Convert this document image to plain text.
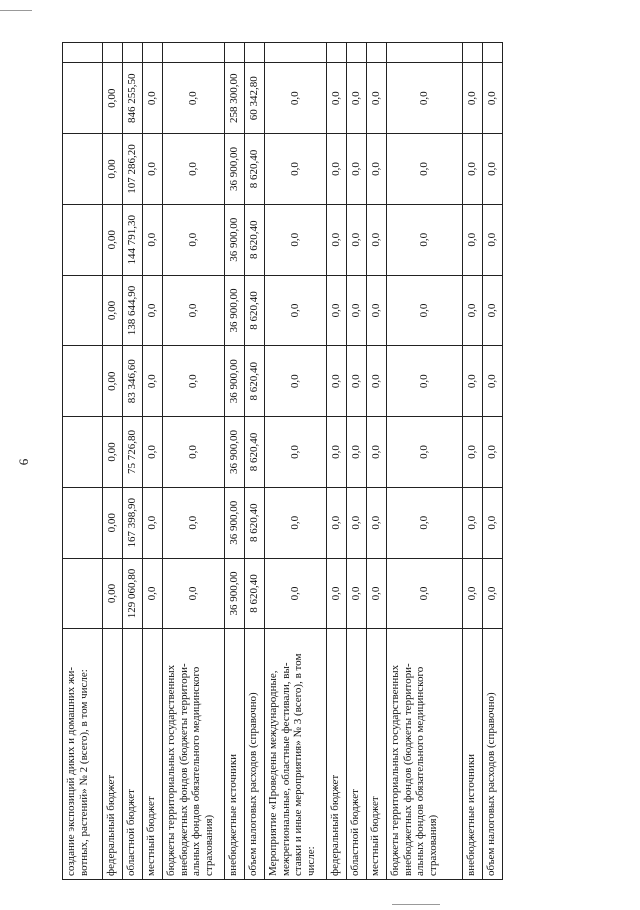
6
создание экспозиций диких и домашних жи-вотных, растений» № 2 (всего), в том числе:									
федеральный бюджет	0,00	0,00	0,00	0,00	0,00	0,00	0,00	0,00	
областной бюджет	129 060,80	167 398,90	75 726,80	83 346,60	138 644,90	144 791,30	107 286,20	846 255,50	
местный бюджет	0,0	0,0	0,0	0,0	0,0	0,0	0,0	0,0	
бюджеты территориальных государственных внебюджетных фондов (бюджеты территори-альных фондов обязательного медицинского страхования)	0,0	0,0	0,0	0,0	0,0	0,0	0,0	0,0	
внебюджетные источники	36 900,00	36 900,00	36 900,00	36 900,00	36 900,00	36 900,00	36 900,00	258 300,00	
объем налоговых расходов (справочно)	8 620,40	8 620,40	8 620,40	8 620,40	8 620,40	8 620,40	8 620,40	60 342,80	
Мероприятие «Проведены международные, межрегиональные, областные фестивали, вы-ставки и иные мероприятия» № 3 (всего), в том числе:	0,0	0,0	0,0	0,0	0,0	0,0	0,0	0,0	
федеральный бюджет	0,0	0,0	0,0	0,0	0,0	0,0	0,0	0,0	
областной бюджет	0,0	0,0	0,0	0,0	0,0	0,0	0,0	0,0	
местный бюджет	0,0	0,0	0,0	0,0	0,0	0,0	0,0	0,0	
бюджеты территориальных государственных внебюджетных фондов (бюджеты территори-альных фондов обязательного медицинского страхования)	0,0	0,0	0,0	0,0	0,0	0,0	0,0	0,0	
внебюджетные источники	0,0	0,0	0,0	0,0	0,0	0,0	0,0	0,0	
объем налоговых расходов (справочно)	0,0	0,0	0,0	0,0	0,0	0,0	0,0	0,0	
